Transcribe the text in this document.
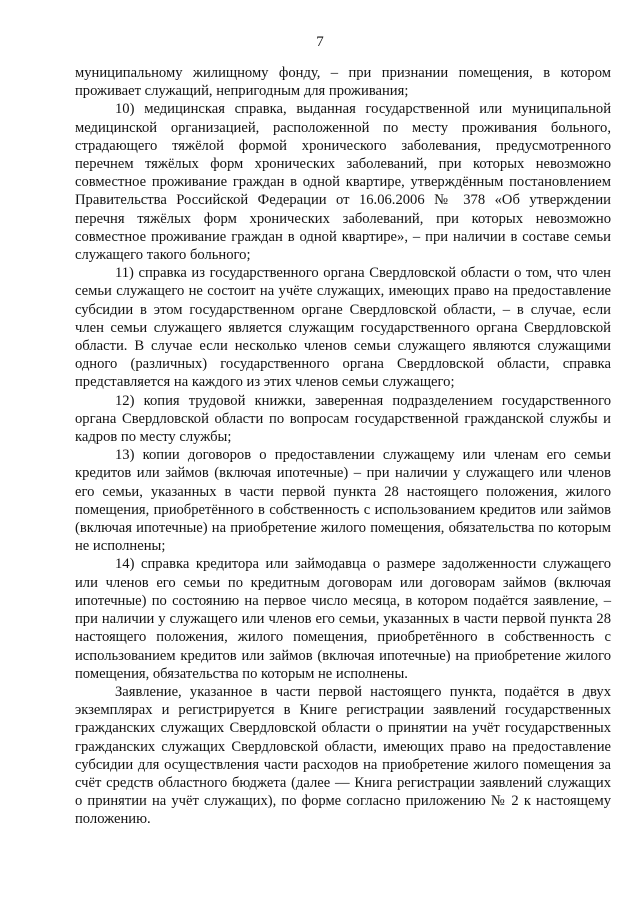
7

муниципальному жилищному фонду, – при признании помещения, в котором проживает служащий, непригодным для проживания;

10) медицинская справка, выданная государственной или муниципальной медицинской организацией, расположенной по месту проживания больного, страдающего тяжёлой формой хронического заболевания, предусмотренного перечнем тяжёлых форм хронических заболеваний, при которых невозможно совместное проживание граждан в одной квартире, утверждённым постановлением Правительства Российской Федерации от 16.06.2006 № 378 «Об утверждении перечня тяжёлых форм хронических заболеваний, при которых невозможно совместное проживание граждан в одной квартире», – при наличии в составе семьи служащего такого больного;

11) справка из государственного органа Свердловской области о том, что член семьи служащего не состоит на учёте служащих, имеющих право на предоставление субсидии в этом государственном органе Свердловской области, – в случае, если член семьи служащего является служащим государственного органа Свердловской области. В случае если несколько членов семьи служащего являются служащими одного (различных) государственного органа Свердловской области, справка представляется на каждого из этих членов семьи служащего;

12) копия трудовой книжки, заверенная подразделением государственного органа Свердловской области по вопросам государственной гражданской службы и кадров по месту службы;

13) копии договоров о предоставлении служащему или членам его семьи кредитов или займов (включая ипотечные) – при наличии у служащего или членов его семьи, указанных в части первой пункта 28 настоящего положения, жилого помещения, приобретённого в собственность с использованием кредитов или займов (включая ипотечные) на приобретение жилого помещения, обязательства по которым не исполнены;

14) справка кредитора или займодавца о размере задолженности служащего или членов его семьи по кредитным договорам или договорам займов (включая ипотечные) по состоянию на первое число месяца, в котором подаётся заявление, – при наличии у служащего или членов его семьи, указанных в части первой пункта 28 настоящего положения, жилого помещения, приобретённого в собственность с использованием кредитов или займов (включая ипотечные) на приобретение жилого помещения, обязательства по которым не исполнены.

Заявление, указанное в части первой настоящего пункта, подаётся в двух экземплярах и регистрируется в Книге регистрации заявлений государственных гражданских служащих Свердловской области о принятии на учёт государственных гражданских служащих Свердловской области, имеющих право на предоставление субсидии для осуществления части расходов на приобретение жилого помещения за счёт средств областного бюджета (далее — Книга регистрации заявлений служащих о принятии на учёт служащих), по форме согласно приложению № 2 к настоящему положению.
